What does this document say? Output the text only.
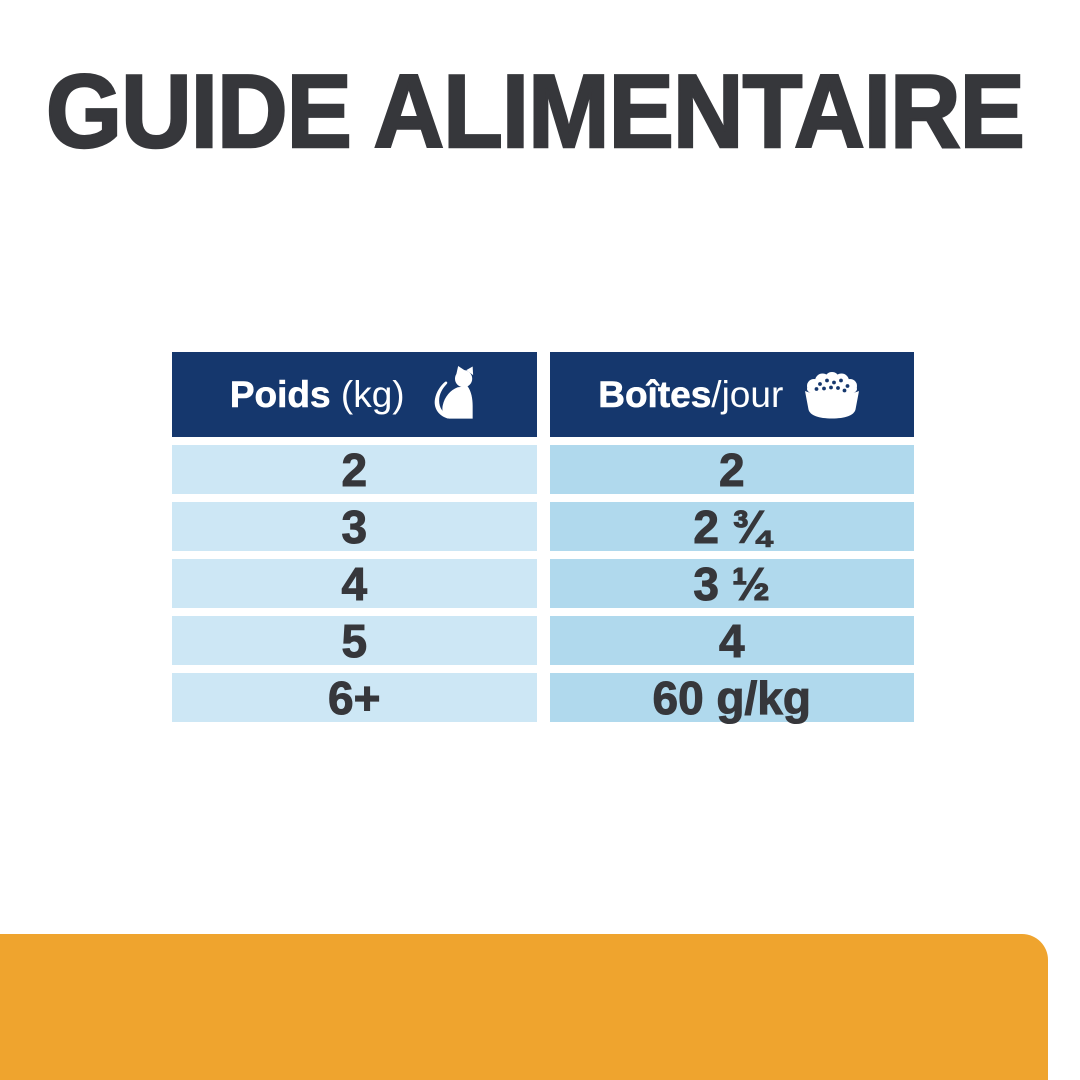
GUIDE ALIMENTAIRE
Poids (kg)
2
3
4
5
6+
Boîtes/jour
2
2 ¾
3 ½
4
60 g/kg
